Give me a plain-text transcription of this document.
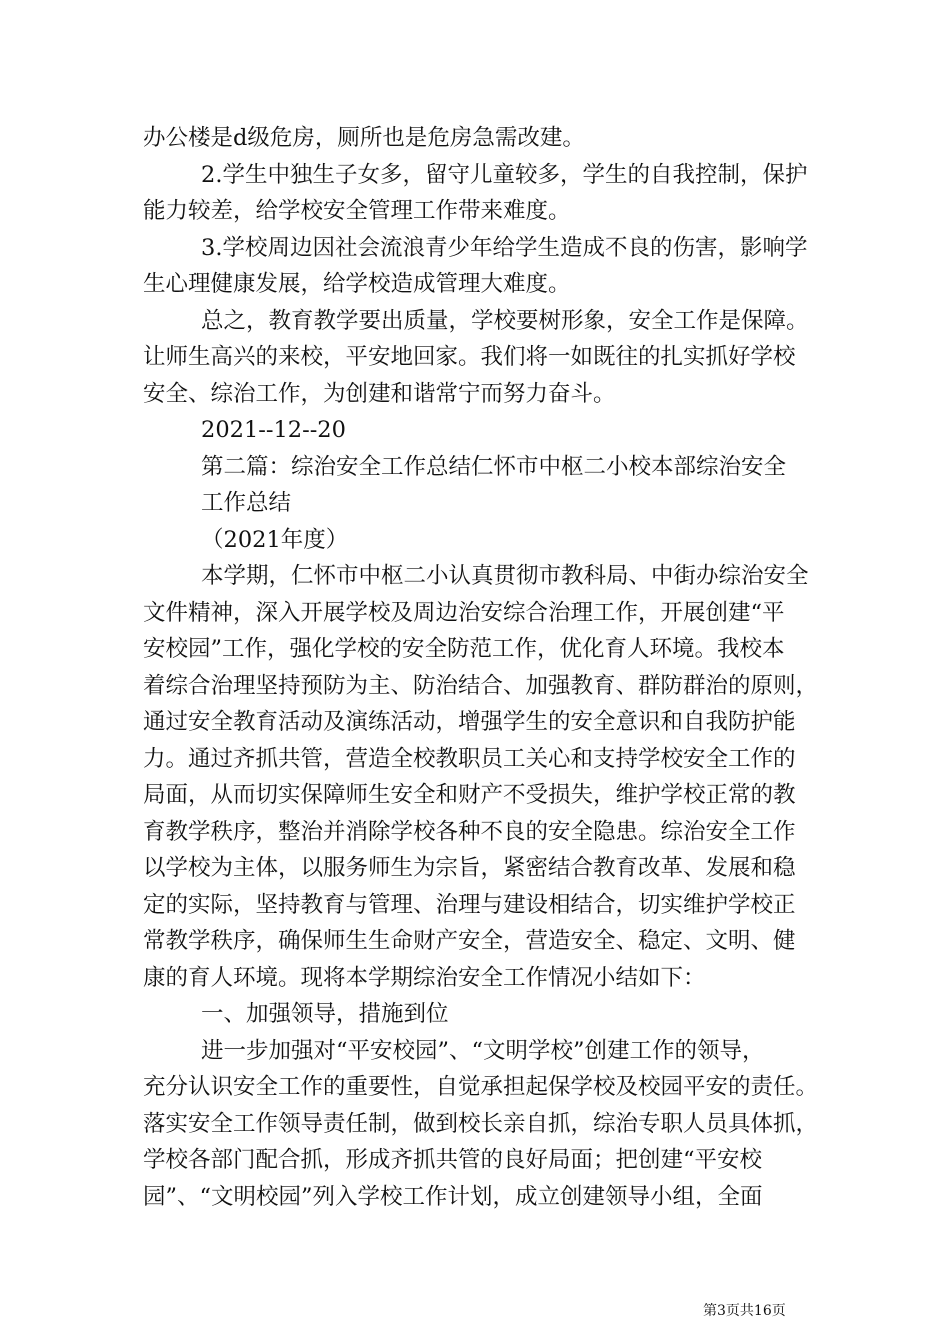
办公楼是d级危房，厕所也是危房急需改建。
2.学生中独生子女多，留守儿童较多，学生的自我控制，保护
能力较差，给学校安全管理工作带来难度。
3.学校周边因社会流浪青少年给学生造成不良的伤害，影响学
生心理健康发展，给学校造成管理大难度。
总之，教育教学要出质量，学校要树形象，安全工作是保障。
让师生高兴的来校，平安地回家。我们将一如既往的扎实抓好学校
安全、综治工作，为创建和谐常宁而努力奋斗。
2021--12--20
第二篇：综治安全工作总结仁怀市中枢二小校本部综治安全
工作总结
（2021年度）
本学期，仁怀市中枢二小认真贯彻市教科局、中街办综治安全
文件精神，深入开展学校及周边治安综合治理工作，开展创建“平
安校园”工作，强化学校的安全防范工作，优化育人环境。我校本
着综合治理坚持预防为主、防治结合、加强教育、群防群治的原则，
通过安全教育活动及演练活动，增强学生的安全意识和自我防护能
力。通过齐抓共管，营造全校教职员工关心和支持学校安全工作的
局面，从而切实保障师生安全和财产不受损失，维护学校正常的教
育教学秩序，整治并消除学校各种不良的安全隐患。综治安全工作
以学校为主体，以服务师生为宗旨，紧密结合教育改革、发展和稳
定的实际，坚持教育与管理、治理与建设相结合，切实维护学校正
常教学秩序，确保师生生命财产安全，营造安全、稳定、文明、健
康的育人环境。现将本学期综治安全工作情况小结如下：
一、加强领导，措施到位
进一步加强对“平安校园”、“文明学校”创建工作的领导，
充分认识安全工作的重要性，自觉承担起保学校及校园平安的责任。
落实安全工作领导责任制，做到校长亲自抓，综治专职人员具体抓，
学校各部门配合抓，形成齐抓共管的良好局面；把创建“平安校
园”、“文明校园”列入学校工作计划，成立创建领导小组，全面
第3页共16页
